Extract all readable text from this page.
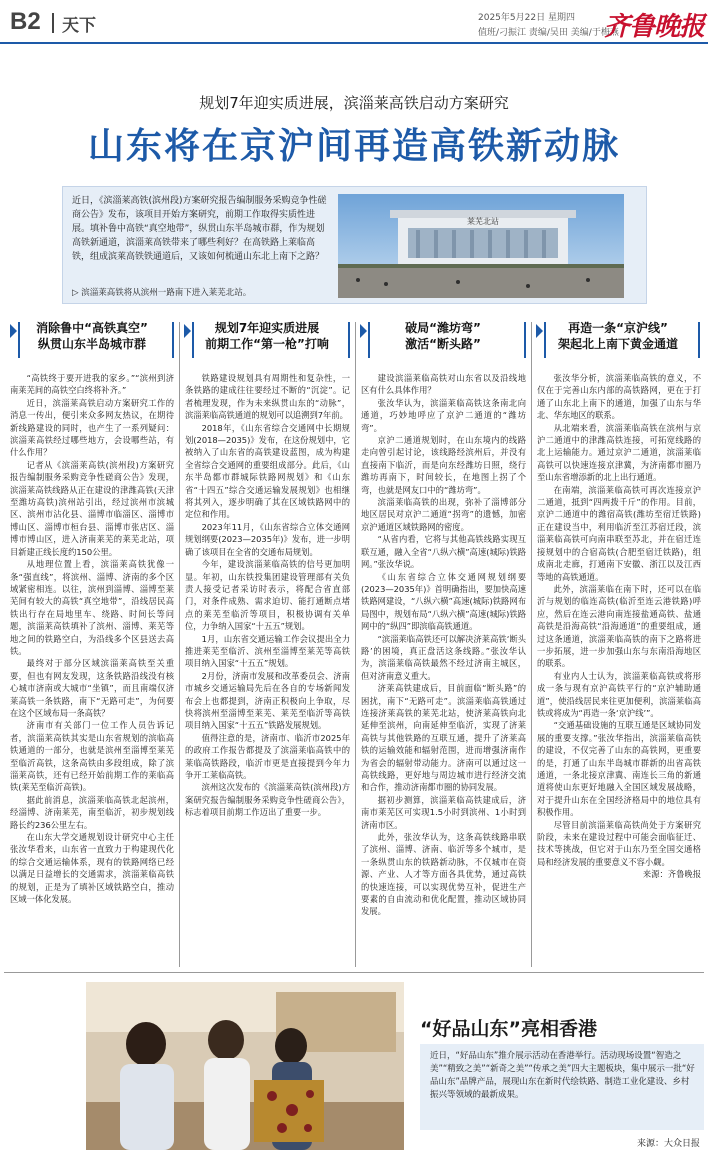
B2 天下	2025年5月22日 星期四
值班/刁振江 责编/吴田 美编/于梅燕
齐鲁晚报
规划7年迎实质进展，滨淄莱高铁启动方案研究
山东将在京沪间再造高铁新动脉
近日，《滨淄莱高铁(滨州段)方案研究报告编制服务采购竞争性磋商公告》发布，该项目开始方案研究，前期工作取得实质性进展。填补鲁中高铁“真空地带”，纵贯山东半岛城市群，作为规划高铁新通道，滨淄莱高铁带来了哪些利好？在高铁路上莱临高铁，组成滨莱高铁铁通道后，又该如何梳通山东北上南下之路？
▷ 滨淄莱高铁将从滨州一路南下进入莱芜北站。
莱芜北站
消除鲁中“高铁真空”
纵贯山东半岛城市群
规划7年迎实质进展
前期工作“第一枪”打响
破局“潍坊弯”
激活“断头路”
再造一条“京沪线”
架起北上南下黄金通道

“高铁终于要开进我的家乡。”“滨州到济南莱芜间的高铁空白终将补齐。”

近日，滨淄莱高铁启动方案研究工作的消息一传出，便引来众多网友热议，在期待新线路建设的同时，也产生了一系列疑问：滨淄莱高铁经过哪些地方，会设哪些站，有什么作用？

记者从《滨淄莱高铁(滨州段)方案研究报告编制服务采购竞争性磋商公告》发现，滨淄莱高铁线路从正在建设的津潍高铁(天津至潍坊高铁)滨州站引出，经过滨州市滨城区、滨州市沾化县、淄博市临淄区、淄博市博山区、淄博市桓台县、淄博市张店区、淄博市博山区，进入济南莱芜的莱芜北站，项目新建正线长度约150公里。

从地理位置上看，滨淄莱高铁犹像一条“强直线”，将滨州、淄博、济南的多个区域紧密相连。以往，滨州到淄博、淄博至莱芜间有较大的高铁“真空地带”，沿线居民高铁出行存在局地里车、绕路、时间长等问题，滨淄莱高铁填补了滨州、淄博、莱芜等地之间的铁路空白，为沿线多个区县送去高铁。

最终对于部分区域滨淄莱高铁至关重要，但也有网友发现，这条铁路沿线没有核心城市济南或大城市“坐镇”，而且南端仅济莱高铁一条铁路，南下“无路可走”，为何要在这个区域布局一条高铁？

济南市有关部门一位工作人员告诉记者，滨淄莱高铁其实是山东省规划的滨临高铁通道的一部分，也就是滨州至淄博至莱芜至临沂高铁，这条高铁由多段组成，除了滨淄莱高铁，还有已经开始前期工作的莱临高铁(莱芜至临沂高铁)。

据此前消息，滨淄莱临高铁北起滨州，经淄博、济南莱芜，南至临沂，初步规划线路长约236公里左右。

在山东大学交通规划设计研究中心主任张汝华看来，山东省一直致力于构建现代化的综合交通运输体系，现有的铁路网络已经以满足日益增长的交通需求，滨淄莱临高铁的规划，正是为了填补区域铁路空白，推动区域一体化发展。

铁路建设规划具有周期性和复杂性，一条铁路的建成往往要经过不断的“沉淀”。记者梳理发现，作为未来纵贯山东的“动脉”，滨淄莱临高铁通道的规划可以追溯到7年前。

2018年，《山东省综合交通网中长期规划(2018—2035)》发布，在这份规划中，它被纳入了山东省的高铁建设蓝图，成为构建全省综合交通网的重要组成部分。此后，《山东半岛都市群城际铁路网规划》和《山东省“十四五”综合交通运输发展规划》也相继将其列入，逐步明确了其在区域铁路网中的定位和作用。

2023年11月，《山东省综合立体交通网规划纲要(2023—2035年)》发布，进一步明确了该项目在全省的交通布局规划。

今年，建设滨淄莱临高铁的信号更加明显。年初，山东铁投集团建设管理部有关负责人接受记者采访时表示，将配合省直部门，对条件成熟、需求迫切、能打通断点堵点的莱芜至临沂等项目，积极协调有关单位，力争纳入国家“十五五”规划。

1月，山东省交通运输工作会议提出全力推进莱芜至临沂、滨州至淄博至莱芜等高铁项目纳入国家“十五五”规划。

2月份，济南市发展和改革委员会、济南市城乡交通运输局先后在各自的专场新闻发布会上也都提到，济南正积极向上争取，尽快将滨州至淄博至莱芜、莱芜至临沂等高铁项目纳入国家“十五五”铁路发展规划。

值得注意的是，济南市、临沂市2025年的政府工作报告都提及了滨淄莱临高铁中的莱临高铁路段，临沂市更是直接提到今年力争开工莱临高铁。

滨州这次发布的《滨淄莱高铁(滨州段)方案研究报告编制服务采购竞争性磋商公告》，标志着项目前期工作迈出了重要一步。

建设滨淄莱临高铁对山东省以及沿线地区有什么具体作用？

张汝华认为，滨淄莱临高铁这条南北向通道，巧妙地呼应了京沪二通道的“潍坊弯”。

京沪二通道规划时，在山东境内的线路走向曾引起讨论，该线路经滨州后，并没有直接南下临沂，而是向东经潍坊日照，绕行潍坊再南下，时间较长，在地图上拐了个弯，也就是网友口中的“潍坊弯”。

滨淄莱临高铁的出现，弥补了淄博部分地区居民对京沪二通道“拐弯”的遗憾，加密京沪通道区域铁路网的密度。

“从省内看，它将与其他高铁线路实现互联互通，融入全省“八纵六横”高速(城际)铁路网。”张汝华说。

《山东省综合立体交通网规划纲要(2023—2035年)》首明确指出，要加快高速铁路网建设，“八纵六横”高速(城际)铁路网布局图中，规划布局“八纵六横”高速(城际)铁路网中的“纵四”即滨临高铁通道。

“滨淄莱临高铁还可以解决济莱高铁‘断头路’的困境，真正盘活这条线路。”张汝华认为，滨淄莱临高铁最然不经过济南主城区，但对济南意义重大。

济莱高铁建成后，目前面临“断头路”的困扰，南下“无路可走”。滨淄莱临高铁通过连接济莱高铁的莱芜北站，使济莱高铁向北延伸至滨州，向南延伸至临沂，实现了济莱高铁与其他铁路的互联互通，提升了济莱高铁的运输效能和辐射范围，进而增强济南作为省会的辐射带动能力。济南可以通过这一高铁线路，更好地与周边城市进行经济交流和合作，推动济南都市圈的协同发展。

据初步测算，滨淄莱临高铁建成后，济南市莱芜区可实现1.5小时到滨州、1小时到济南市区。

此外，张汝华认为，这条高铁线路串联了滨州、淄博、济南、临沂等多个城市，是一条纵贯山东的铁路新动脉，不仅城市在资源、产业、人才等方面各具优势，通过高铁的快速连接，可以实现优势互补，促进生产要素的自由流动和优化配置，推动区域协同发展。

张汝华分析，滨淄莱临高铁的意义，不仅在于完善山东内部的高铁路网，更在于打通了山东北上南下的通道，加强了山东与华北、华东地区的联系。

从北端来看，滨淄莱临高铁在滨州与京沪二通道中的津潍高铁连接，可拓宽线路的北上运输能力。通过京沪二通道，滨淄莱临高铁可以快速连接京津冀，为济南都市圈乃至山东省增添新的北上出行通道。

在南端，滨淄莱临高铁可再次连接京沪二通道，抵到“四两拨千斤”的作用。目前，京沪二通道中的潍宿高铁(潍坊至宿迁铁路)正在建设当中，利用临沂至江苏宿迁段，滨淄莱临高铁可向南串联至苏北，并在宿迁连接规划中的合宿高铁(合肥至宿迁铁路)，组成南北走廊，打通南下安徽、浙江以及江西等地的高铁通道。

此外，滨淄莱临在南下时，还可以在临沂与规划的临连高铁(临沂至连云港铁路)呼应，然后在连云港向南连接盐通高铁、盐通高铁是沿海高铁“沿海通道”的重要组成，通过这条通道，滨淄莱临高铁的南下之路将进一步拓展，进一步加强山东与东南沿海地区的联系。

有业内人士认为，滨淄莱临高铁或将形成一条与现有京沪高铁平行的“京沪辅助通道”，使沿线居民来往更加便利，滨淄莱临高铁或将成为“再造一条‘京沪线’”。

“交通基础设施的互联互通是区域协同发展的重要支撑。”张汝华指出，滨淄莱临高铁的建设，不仅完善了山东的高铁网，更重要的是，打通了山东半岛城市群新的出省高铁通道，一条北接京津冀、南连长三角的新通道将使山东更好地融入全国区域发展战略，对于提升山东在全国经济格局中的地位具有积极作用。

尽管目前滨淄莱临高铁尚处于方案研究阶段，未来在建设过程中可能会面临征迁、技术等挑战，但它对于山东乃至全国交通格局和经济发展的重要意义不容小觑。

来源：齐鲁晚报

“好品山东”亮相香港
近日，“好品山东”推介展示活动在香港举行。活动现场设置“智造之美”“精致之美”“新奇之美”“传承之美”四大主题板块，集中展示一批“好品山东”品牌产品，展现山东在新时代绘铁路、制造工业化建设、乡村振兴等领域的最新成果。
来源：大众日报
